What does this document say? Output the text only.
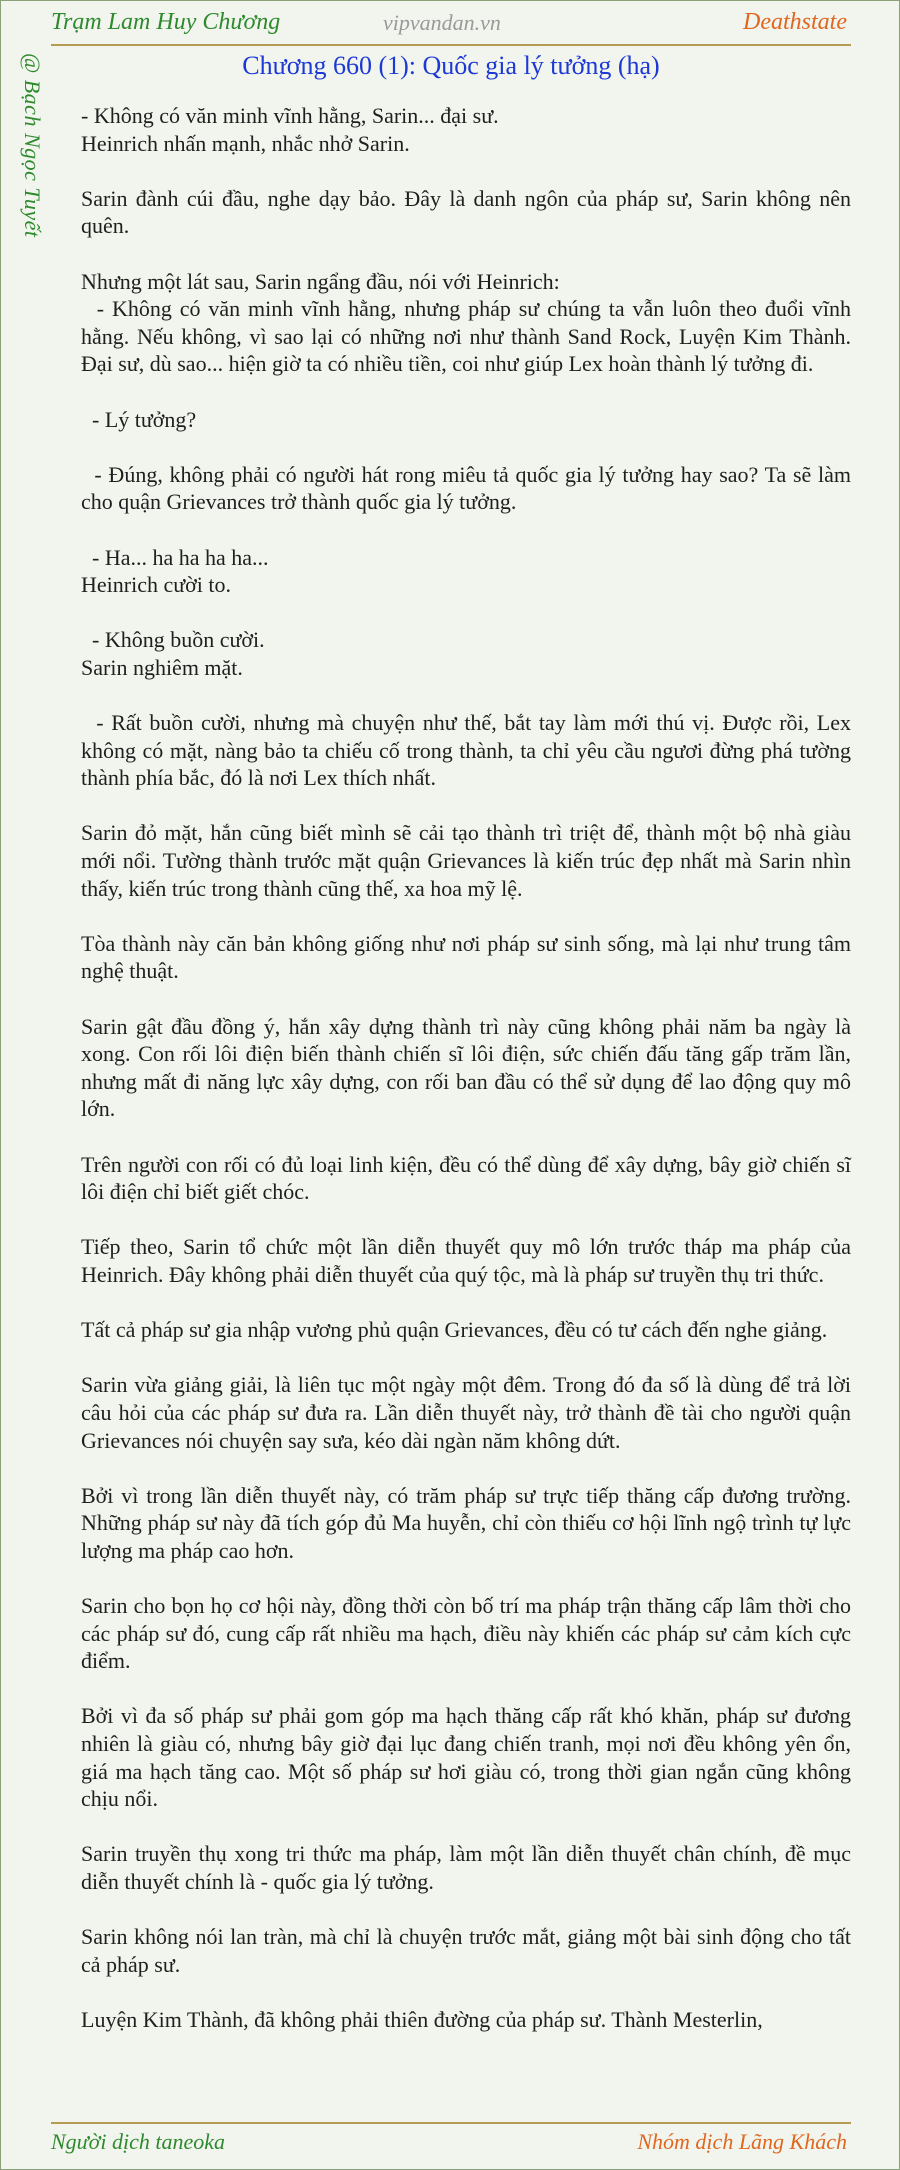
Trạm Lam Huy Chương	vipvandan.vn	Deathstate
@ Bạch Ngọc Tuyết	Chương 660 (1): Quốc gia lý tưởng (hạ)

- Không có văn minh vĩnh hằng, Sarin... đại sư.
Heinrich nhấn mạnh, nhắc nhở Sarin.

Sarin đành cúi đầu, nghe dạy bảo. Đây là danh ngôn của pháp sư, Sarin không nên quên.

Nhưng một lát sau, Sarin ngẩng đầu, nói với Heinrich:
- Không có văn minh vĩnh hằng, nhưng pháp sư chúng ta vẫn luôn theo đuổi vĩnh hằng. Nếu không, vì sao lại có những nơi như thành Sand Rock, Luyện Kim Thành. Đại sư, dù sao... hiện giờ ta có nhiều tiền, coi như giúp Lex hoàn thành lý tưởng đi.

- Lý tưởng?

- Đúng, không phải có người hát rong miêu tả quốc gia lý tưởng hay sao? Ta sẽ làm cho quận Grievances trở thành quốc gia lý tưởng.

- Ha... ha ha ha ha...
Heinrich cười to.

- Không buồn cười.
Sarin nghiêm mặt.

- Rất buồn cười, nhưng mà chuyện như thế, bắt tay làm mới thú vị. Được rồi, Lex không có mặt, nàng bảo ta chiếu cố trong thành, ta chỉ yêu cầu ngươi đừng phá tường thành phía bắc, đó là nơi Lex thích nhất.

Sarin đỏ mặt, hắn cũng biết mình sẽ cải tạo thành trì triệt để, thành một bộ nhà giàu mới nổi. Tường thành trước mặt quận Grievances là kiến trúc đẹp nhất mà Sarin nhìn thấy, kiến trúc trong thành cũng thế, xa hoa mỹ lệ.

Tòa thành này căn bản không giống như nơi pháp sư sinh sống, mà lại như trung tâm nghệ thuật.

Sarin gật đầu đồng ý, hắn xây dựng thành trì này cũng không phải năm ba ngày là xong. Con rối lôi điện biến thành chiến sĩ lôi điện, sức chiến đấu tăng gấp trăm lần, nhưng mất đi năng lực xây dựng, con rối ban đầu có thể sử dụng để lao động quy mô lớn.

Trên người con rối có đủ loại linh kiện, đều có thể dùng để xây dựng, bây giờ chiến sĩ lôi điện chỉ biết giết chóc.

Tiếp theo, Sarin tổ chức một lần diễn thuyết quy mô lớn trước tháp ma pháp của Heinrich. Đây không phải diễn thuyết của quý tộc, mà là pháp sư truyền thụ tri thức.

Tất cả pháp sư gia nhập vương phủ quận Grievances, đều có tư cách đến nghe giảng.

Sarin vừa giảng giải, là liên tục một ngày một đêm. Trong đó đa số là dùng để trả lời câu hỏi của các pháp sư đưa ra. Lần diễn thuyết này, trở thành đề tài cho người quận Grievances nói chuyện say sưa, kéo dài ngàn năm không dứt.

Bởi vì trong lần diễn thuyết này, có trăm pháp sư trực tiếp thăng cấp đương trường. Những pháp sư này đã tích góp đủ Ma huyễn, chỉ còn thiếu cơ hội lĩnh ngộ trình tự lực lượng ma pháp cao hơn.

Sarin cho bọn họ cơ hội này, đồng thời còn bố trí ma pháp trận thăng cấp lâm thời cho các pháp sư đó, cung cấp rất nhiều ma hạch, điều này khiến các pháp sư cảm kích cực điểm.

Bởi vì đa số pháp sư phải gom góp ma hạch thăng cấp rất khó khăn, pháp sư đương nhiên là giàu có, nhưng bây giờ đại lục đang chiến tranh, mọi nơi đều không yên ổn, giá ma hạch tăng cao. Một số pháp sư hơi giàu có, trong thời gian ngắn cũng không chịu nổi.

Sarin truyền thụ xong tri thức ma pháp, làm một lần diễn thuyết chân chính, đề mục diễn thuyết chính là - quốc gia lý tưởng.

Sarin không nói lan tràn, mà chỉ là chuyện trước mắt, giảng một bài sinh động cho tất cả pháp sư.

Luyện Kim Thành, đã không phải thiên đường của pháp sư. Thành Mesterlin,

Người dịch taneoka	Nhóm dịch Lãng Khách
